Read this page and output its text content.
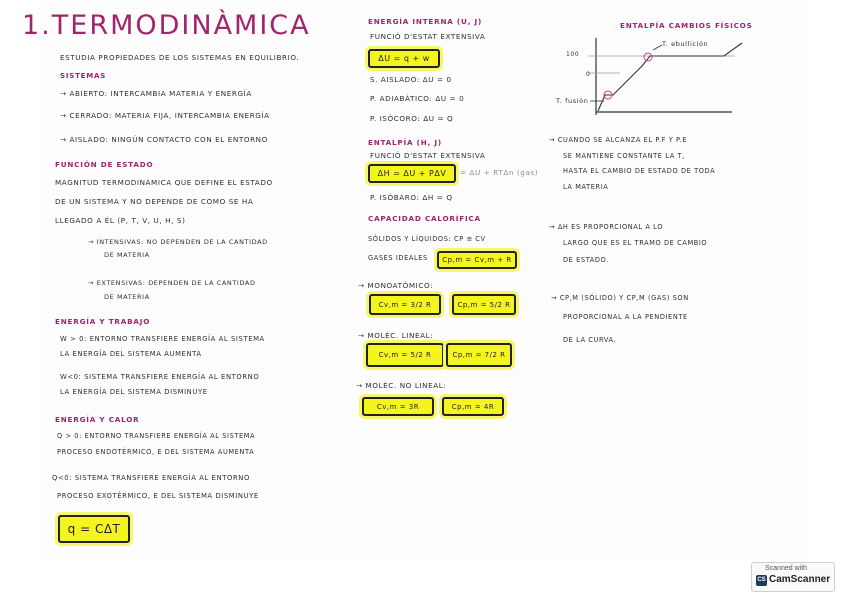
1.TERMODINÀMICA
ESTUDIA PROPIEDADES DE LOS SISTEMAS EN EQUILIBRIO.
SISTEMAS
→ ABIERTO: INTERCAMBIA MATERIA Y ENERGÍA
→ CERRADO: MATERIA FIJA, INTERCAMBIA ENERGÍA
→ AISLADO: NINGÚN CONTACTO CON EL ENTORNO
FUNCIÓN DE ESTADO
MAGNITUD TERMODINÁMICA QUE DEFINE EL ESTADO
DE UN SISTEMA Y NO DEPENDE DE COMO SE HA
LLEGADO A ÉL (P, T, V, U, H, S)
→ INTENSIVAS: NO DEPENDEN DE LA CANTIDAD
DE MATERIA
→ EXTENSIVAS: DEPENDEN DE LA CANTIDAD
DE MATERIA
ENERGÍA Y TRABAJO
W > 0: ENTORNO TRANSFIERE ENERGÍA AL SISTEMA
LA ENERGÍA DEL SISTEMA AUMENTA
W<0: SISTEMA TRANSFIERE ENERGÍA AL ENTORNO
LA ENERGÍA DEL SISTEMA DISMINUYE
ENERGÍA Y CALOR
Q > 0: ENTORNO TRANSFIERE ENERGÍA AL SISTEMA
PROCESO ENDOTÉRMICO, E DEL SISTEMA AUMENTA
Q<0: SISTEMA TRANSFIERE ENERGÍA AL ENTORNO
PROCESO EXOTÉRMICO, E DEL SISTEMA DISMINUYE
q = CΔT
ENERGÍA INTERNA (U, J)
FUNCIÓ D'ESTAT EXTENSIVA
ΔU = q + w
S. AISLADO: ΔU = 0
P. ADIABÀTICO: ΔU = 0
P. ISÒCORO: ΔU = Q
ENTALPÍA (H, J)
FUNCIÓ D'ESTAT EXTENSIVA
ΔH = ΔU + PΔV	= ΔU + RTΔn (gas)
P. ISÒBARO: ΔH = Q
CAPACIDAD CALORÍFICA
SÓLIDOS Y LÍQUIDOS: CP ≅ CV
GASES IDEALES	Cp,m = Cv,m + R
→ MONOATÓMICO:
Cv,m = 3/2 R	Cp,m = 5/2 R
→ MOLÉC. LINEAL:
Cv,m = 5/2 R	Cp,m = 7/2 R
→ MOLÉC. NO LINEAL:
Cv,m = 3R	Cp,m = 4R
ENTALPÍA CAMBIOS FÍSICOS
100
0
T. ebullición
T. fusión
→ CUANDO SE ALCANZA EL P.F Y P.E
SE MANTIENE CONSTANTE LA T,
HASTA EL CAMBIO DE ESTADO DE TODA
LA MATERIA
→ ΔH ES PROPORCIONAL A LO
LARGO QUE ES EL TRAMO DE CAMBIO
DE ESTADO.
→ CP,M (SÓLIDO) Y CP,M (GAS) SON
PROPORCIONAL A LA PENDIENTE
DE LA CURVA.
Scanned with
CS CamScanner
